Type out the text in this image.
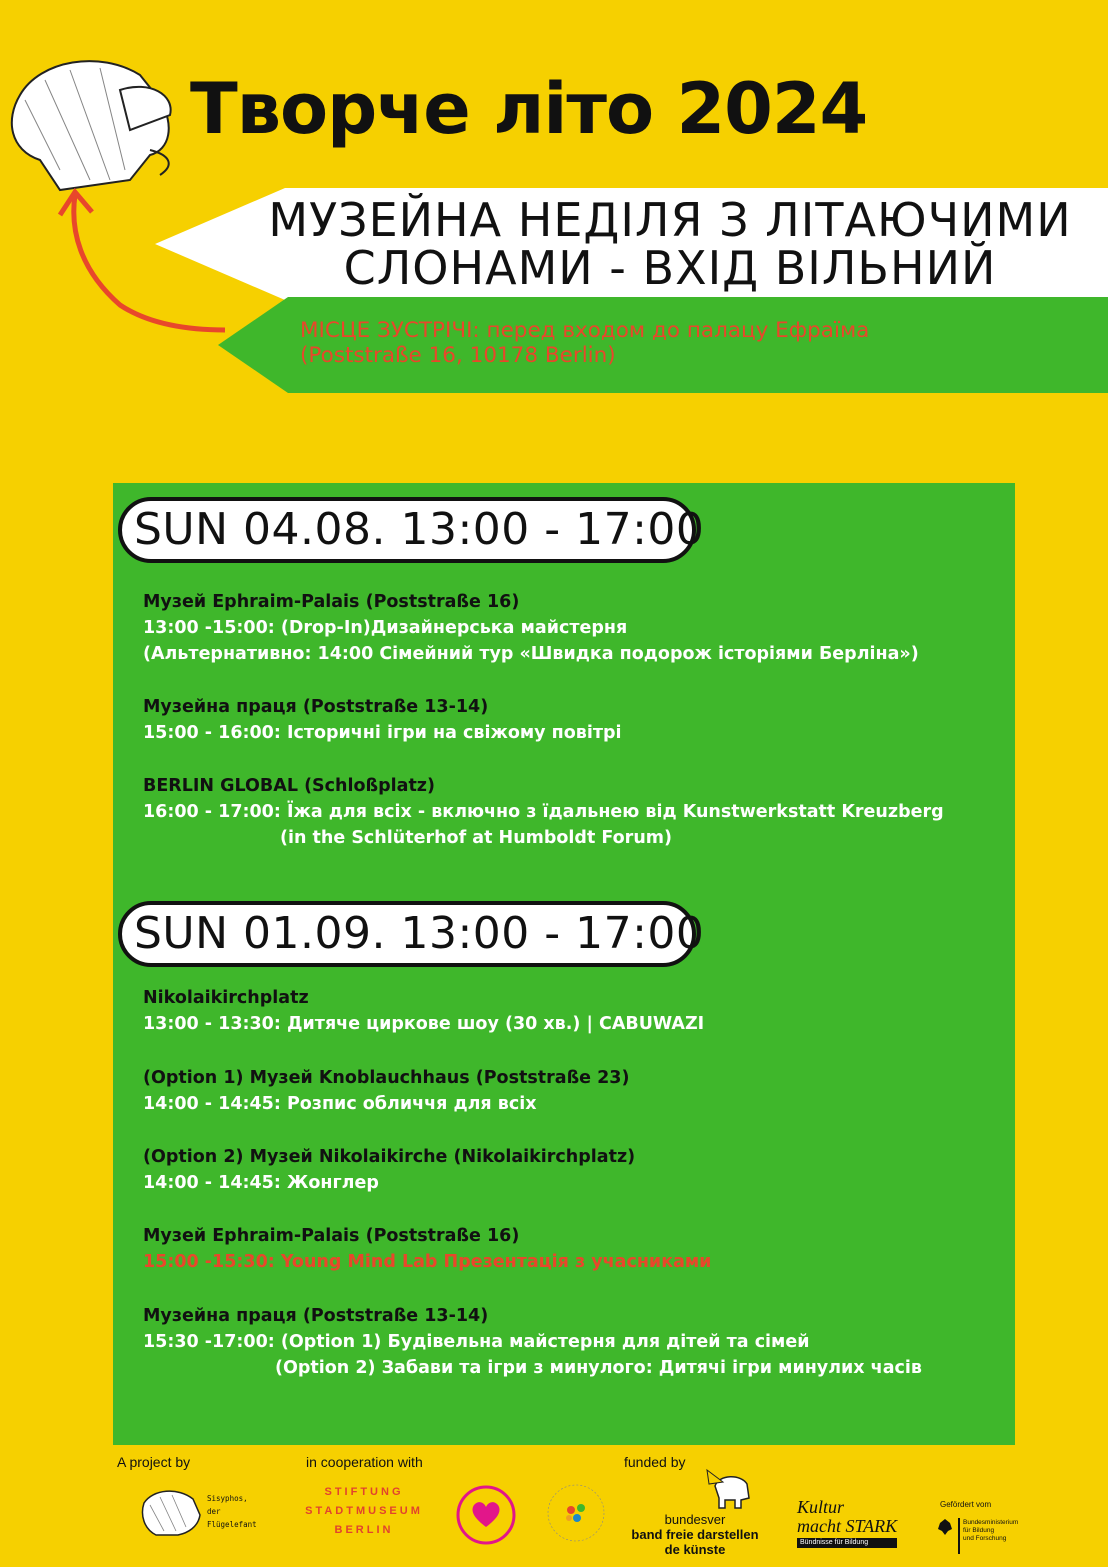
Творче літо 2024
МУЗЕЙНА НЕДІЛЯ З ЛІТАЮЧИМИ
СЛОНАМИ - ВХІД ВІЛЬНИЙ
МІСЦЕ ЗУСТРІЧІ: перед входом до палацу Ефраїма
(Poststraße 16, 10178 Berlin)
SUN 04.08. 13:00 - 17:00
Музей Ephraim-Palais (Poststraße 16)
13:00 -15:00: (Drop-In)Дизайнерська майстерня
(Альтернативно: 14:00 Сімейний тур «Швидка подорож історіями Берліна»)
Музейна праця (Poststraße 13-14)
15:00 - 16:00: Історичні ігри на свіжому повітрі
BERLIN GLOBAL (Schloßplatz)
16:00 - 17:00: Їжа для всіх - включно з їдальнею від Kunstwerkstatt Kreuzberg
(in the Schlüterhof at Humboldt Forum)
SUN 01.09. 13:00 - 17:00
Nikolaikirchplatz
13:00 - 13:30: Дитяче циркове шоу (30 хв.) | CABUWAZI
(Option 1) Музей Knoblauchhaus (Poststraße 23)
14:00 - 14:45: Розпис обличчя для всіх
(Option 2) Музей Nikolaikirche (Nikolaikirchplatz)
14:00 - 14:45: Жонглер
Музей Ephraim-Palais (Poststraße 16)
15:00 -15:30: Young Mind Lab Презентація з учасниками
Музейна праця (Poststraße 13-14)
15:30 -17:00: (Option 1) Будівельна майстерня для дітей та сімей
(Option 2) Забави та ігри з минулого: Дитячі ігри минулих часів
A project by	in cooperation with	funded by
Sisyphos, der Flügelefant
STIFTUNG
STADTMUSEUM
BERLIN
bundesver
band freie darstellen
de künste
Kultur
macht STARK
Bündnisse für Bildung
Gefördert vom
Bundesministerium
für Bildung
und Forschung
